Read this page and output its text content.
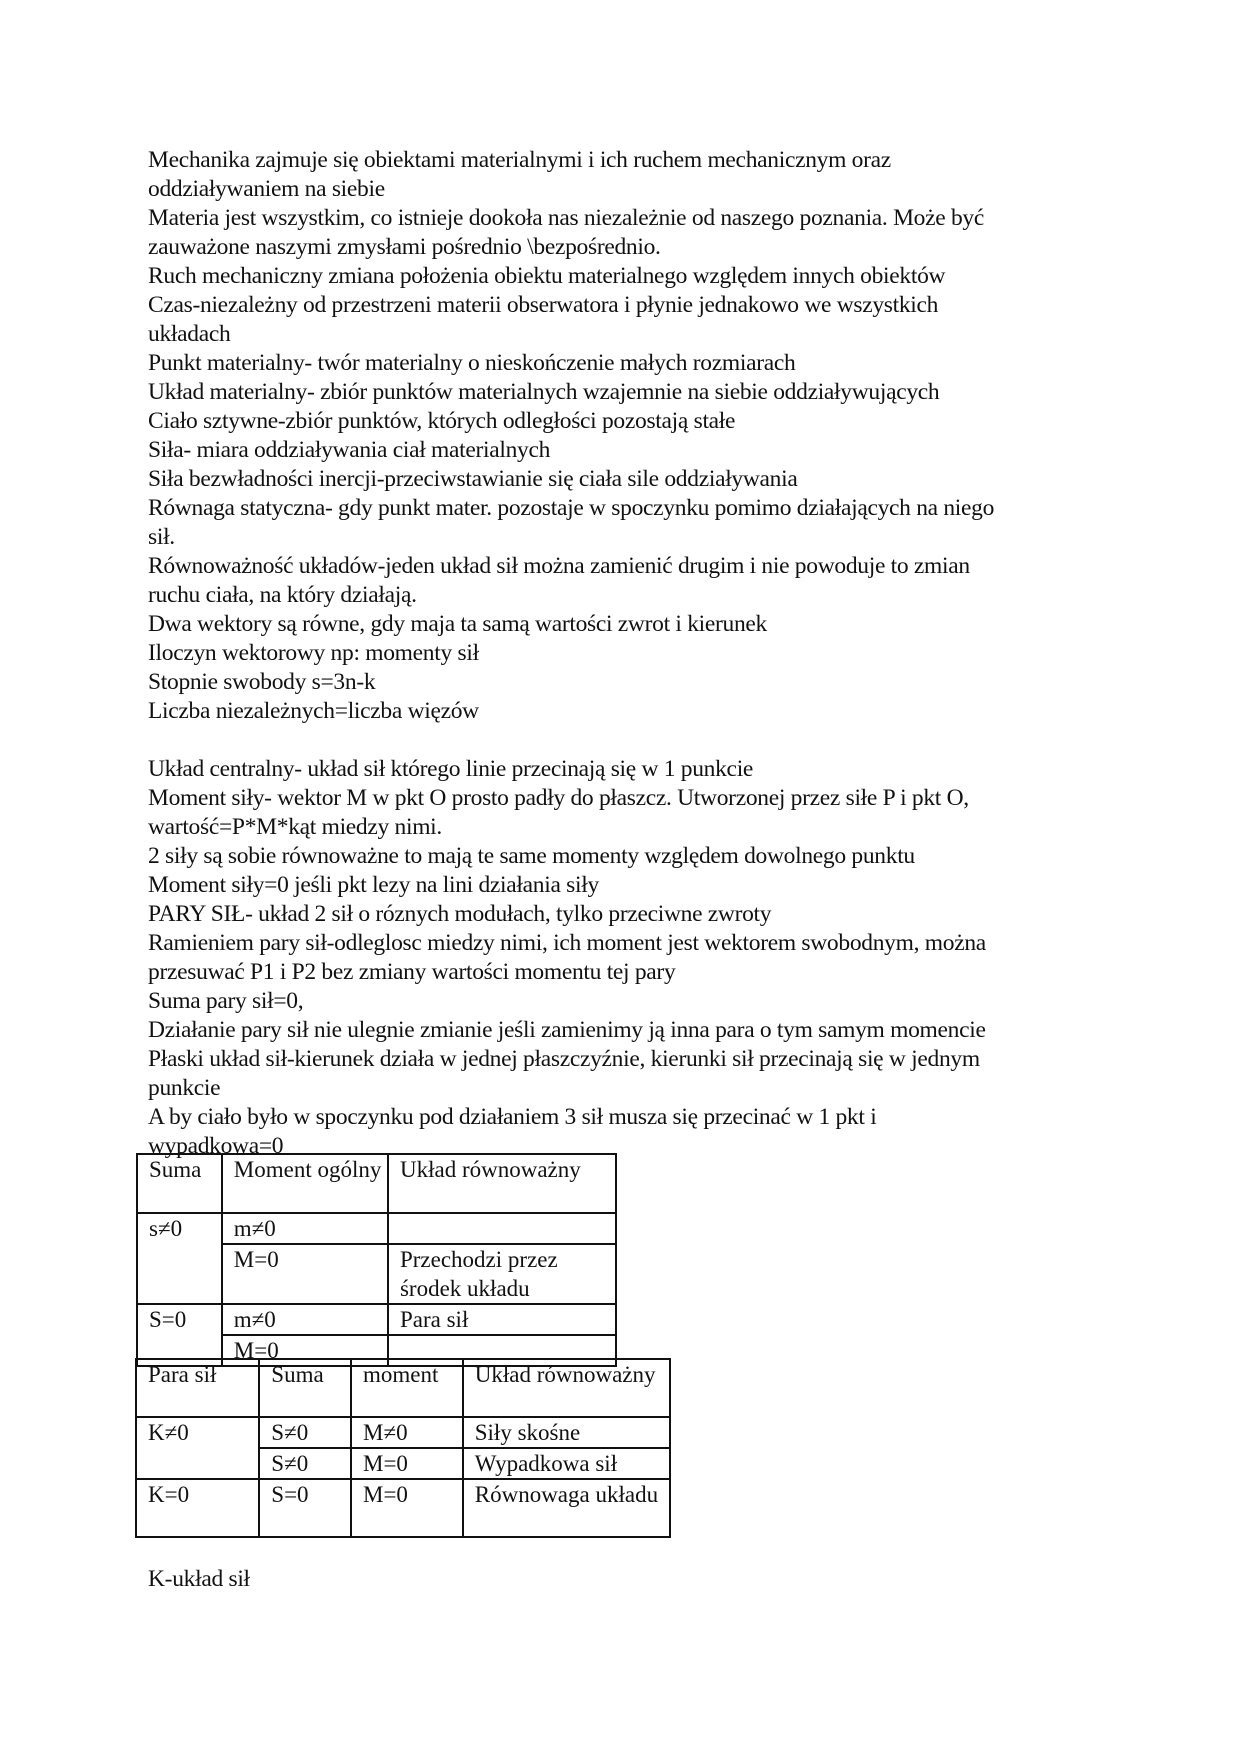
Mechanika zajmuje się obiektami materialnymi i ich ruchem mechanicznym oraz
oddziaływaniem na siebie
Materia jest wszystkim, co istnieje dookoła nas niezależnie od naszego poznania. Może być
zauważone naszymi zmysłami pośrednio \bezpośrednio.
Ruch mechaniczny zmiana położenia obiektu materialnego względem innych obiektów
Czas-niezależny od przestrzeni materii obserwatora i płynie jednakowo we wszystkich
układach
Punkt materialny- twór materialny o nieskończenie małych rozmiarach
Układ materialny- zbiór punktów materialnych wzajemnie na siebie oddziaływujących
Ciało sztywne-zbiór punktów, których odległości pozostają stałe
Siła- miara oddziaływania ciał materialnych
Siła bezwładności inercji-przeciwstawianie się ciała sile oddziaływania
Równaga statyczna- gdy punkt mater. pozostaje w spoczynku pomimo działających na niego
sił.
Równoważność układów-jeden układ sił można zamienić drugim i nie powoduje to zmian
ruchu ciała, na który działają.
Dwa wektory są równe, gdy maja ta samą wartości zwrot i kierunek
Iloczyn wektorowy np: momenty sił
Stopnie swobody s=3n-k
Liczba niezależnych=liczba więzów
Układ centralny- układ sił którego linie przecinają się w 1 punkcie
Moment siły- wektor M w pkt O prosto padły do płaszcz. Utworzonej przez siłe P i pkt O,
wartość=P*M*kąt miedzy nimi.
2 siły są sobie równoważne to mają te same momenty względem dowolnego punktu
Moment siły=0 jeśli pkt lezy na lini działania siły
PARY SIŁ- układ 2 sił o róznych modułach, tylko przeciwne zwroty
Ramieniem pary sił-odleglosc miedzy nimi, ich moment jest wektorem swobodnym, można
przesuwać P1 i P2 bez zmiany wartości momentu tej pary
Suma pary sił=0,
Działanie pary sił nie ulegnie zmianie jeśli zamienimy ją inna para o tym samym momencie
Płaski układ sił-kierunek działa w jednej płaszczyźnie, kierunki sił przecinają się w jednym
punkcie
A by ciało było w spoczynku pod działaniem 3 sił musza się przecinać w 1 pkt i
wypadkowa=0
Suma	Moment ogólny	Układ równoważny
s≠0	m≠0	
	M=0	Przechodzi przez środek układu
S=0	m≠0	Para sił
	M=0	
Para sił	Suma	moment	Układ równoważny
K≠0	S≠0	M≠0	Siły skośne
	S≠0	M=0	Wypadkowa sił
K=0	S=0	M=0	Równowaga układu
K-układ sił
